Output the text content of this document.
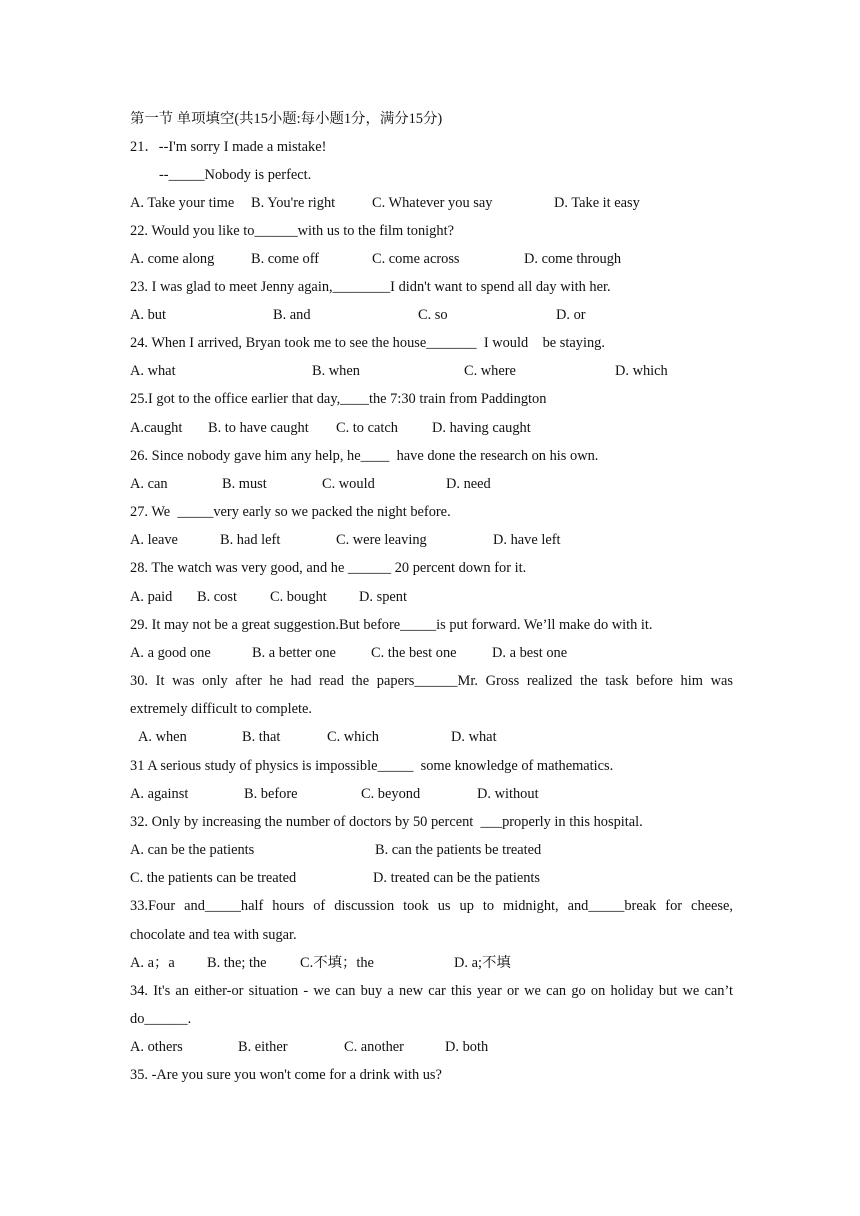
第一节 单项填空(共15小题:每小题1分，满分15分)
21．--I'm sorry I made a mistake!
--_____Nobody is perfect.
A. Take your time B. You're right	C. Whatever you say	D. Take it easy
22. Would you like to______with us to the film tonight?
A. come along	B. come off	C. come across	D. come through
23. I was glad to meet Jenny again,________I didn't want to spend all day with her.
A. but	B. and	C. so	D. or
24. When I arrived, Bryan took me to see the house_______  I would    be staying.
A. what	B. when	C. where	D. which
25.I got to the office earlier that day,____the 7:30 train from Paddington
A.caught B. to have caught C. to catch D. having caught
26. Since nobody gave him any help, he____  have done the research on his own.
A. can	B. must	C. would	D. need
27. We  _____very early so we packed the night before.
A. leave	B. had left	C. were leaving	D. have left
28. The watch was very good, and he ______ 20 percent down for it.
A. paid B. cost C. bought D. spent
29. It may not be a great suggestion.But before_____is put forward. We’ll make do with it.
A. a good one	B. a better one C. the best one D. a best one
30. It was only after he had read the papers______Mr. Gross realized the task before him was
extremely difficult to complete.
A. when	B. that	C. which	D. what
31 A serious study of physics is impossible_____  some knowledge of mathematics.
A. against	B. before	C. beyond	D. without
32. Only by increasing the number of doctors by 50 percent  ___properly in this hospital.
A. can be the patients	B. can the patients be treated
C. the patients can be treated	D. treated can be the patients
33.Four and_____half hours of discussion took us up to midnight, and_____break for cheese,
chocolate and tea with sugar.
A. a；a B. the; the C.不填；the	D. a;不填
34. It's an either-or situation - we can buy a new car this year or we can go on holiday but we can’t
do______.
A. others	B. either	C. another	D. both
35. -Are you sure you won't come for a drink with us?
